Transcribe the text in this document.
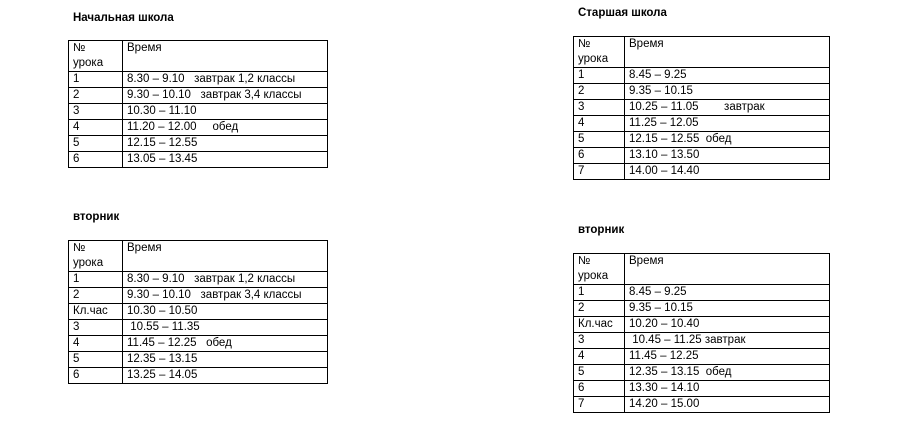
Начальная школа
№ урока	Время
1	8.30 – 9.10   завтрак 1,2 классы
2	9.30 – 10.10   завтрак 3,4 классы
3	10.30 – 11.10
4	11.20 – 12.00     обед
5	12.15 – 12.55
6	13.05 – 13.45
вторник
№ урока	Время
1	8.30 – 9.10   завтрак 1,2 классы
2	9.30 – 10.10   завтрак 3,4 классы
Кл.час	10.30 – 10.50
3	10.55 – 11.35
4	11.45 – 12.25   обед
5	12.35 – 13.15
6	13.25 – 14.05
Старшая школа
№ урока	Время
1	8.45 – 9.25
2	9.35 – 10.15
3	10.25 – 11.05        завтрак
4	11.25 – 12.05
5	12.15 – 12.55  обед
6	13.10 – 13.50
7	14.00 – 14.40
вторник
№ урока	Время
1	8.45 – 9.25
2	9.35 – 10.15
Кл.час	10.20 – 10.40
3	10.45 – 11.25 завтрак
4	11.45 – 12.25
5	12.35 – 13.15  обед
6	13.30 – 14.10
7	14.20 – 15.00
